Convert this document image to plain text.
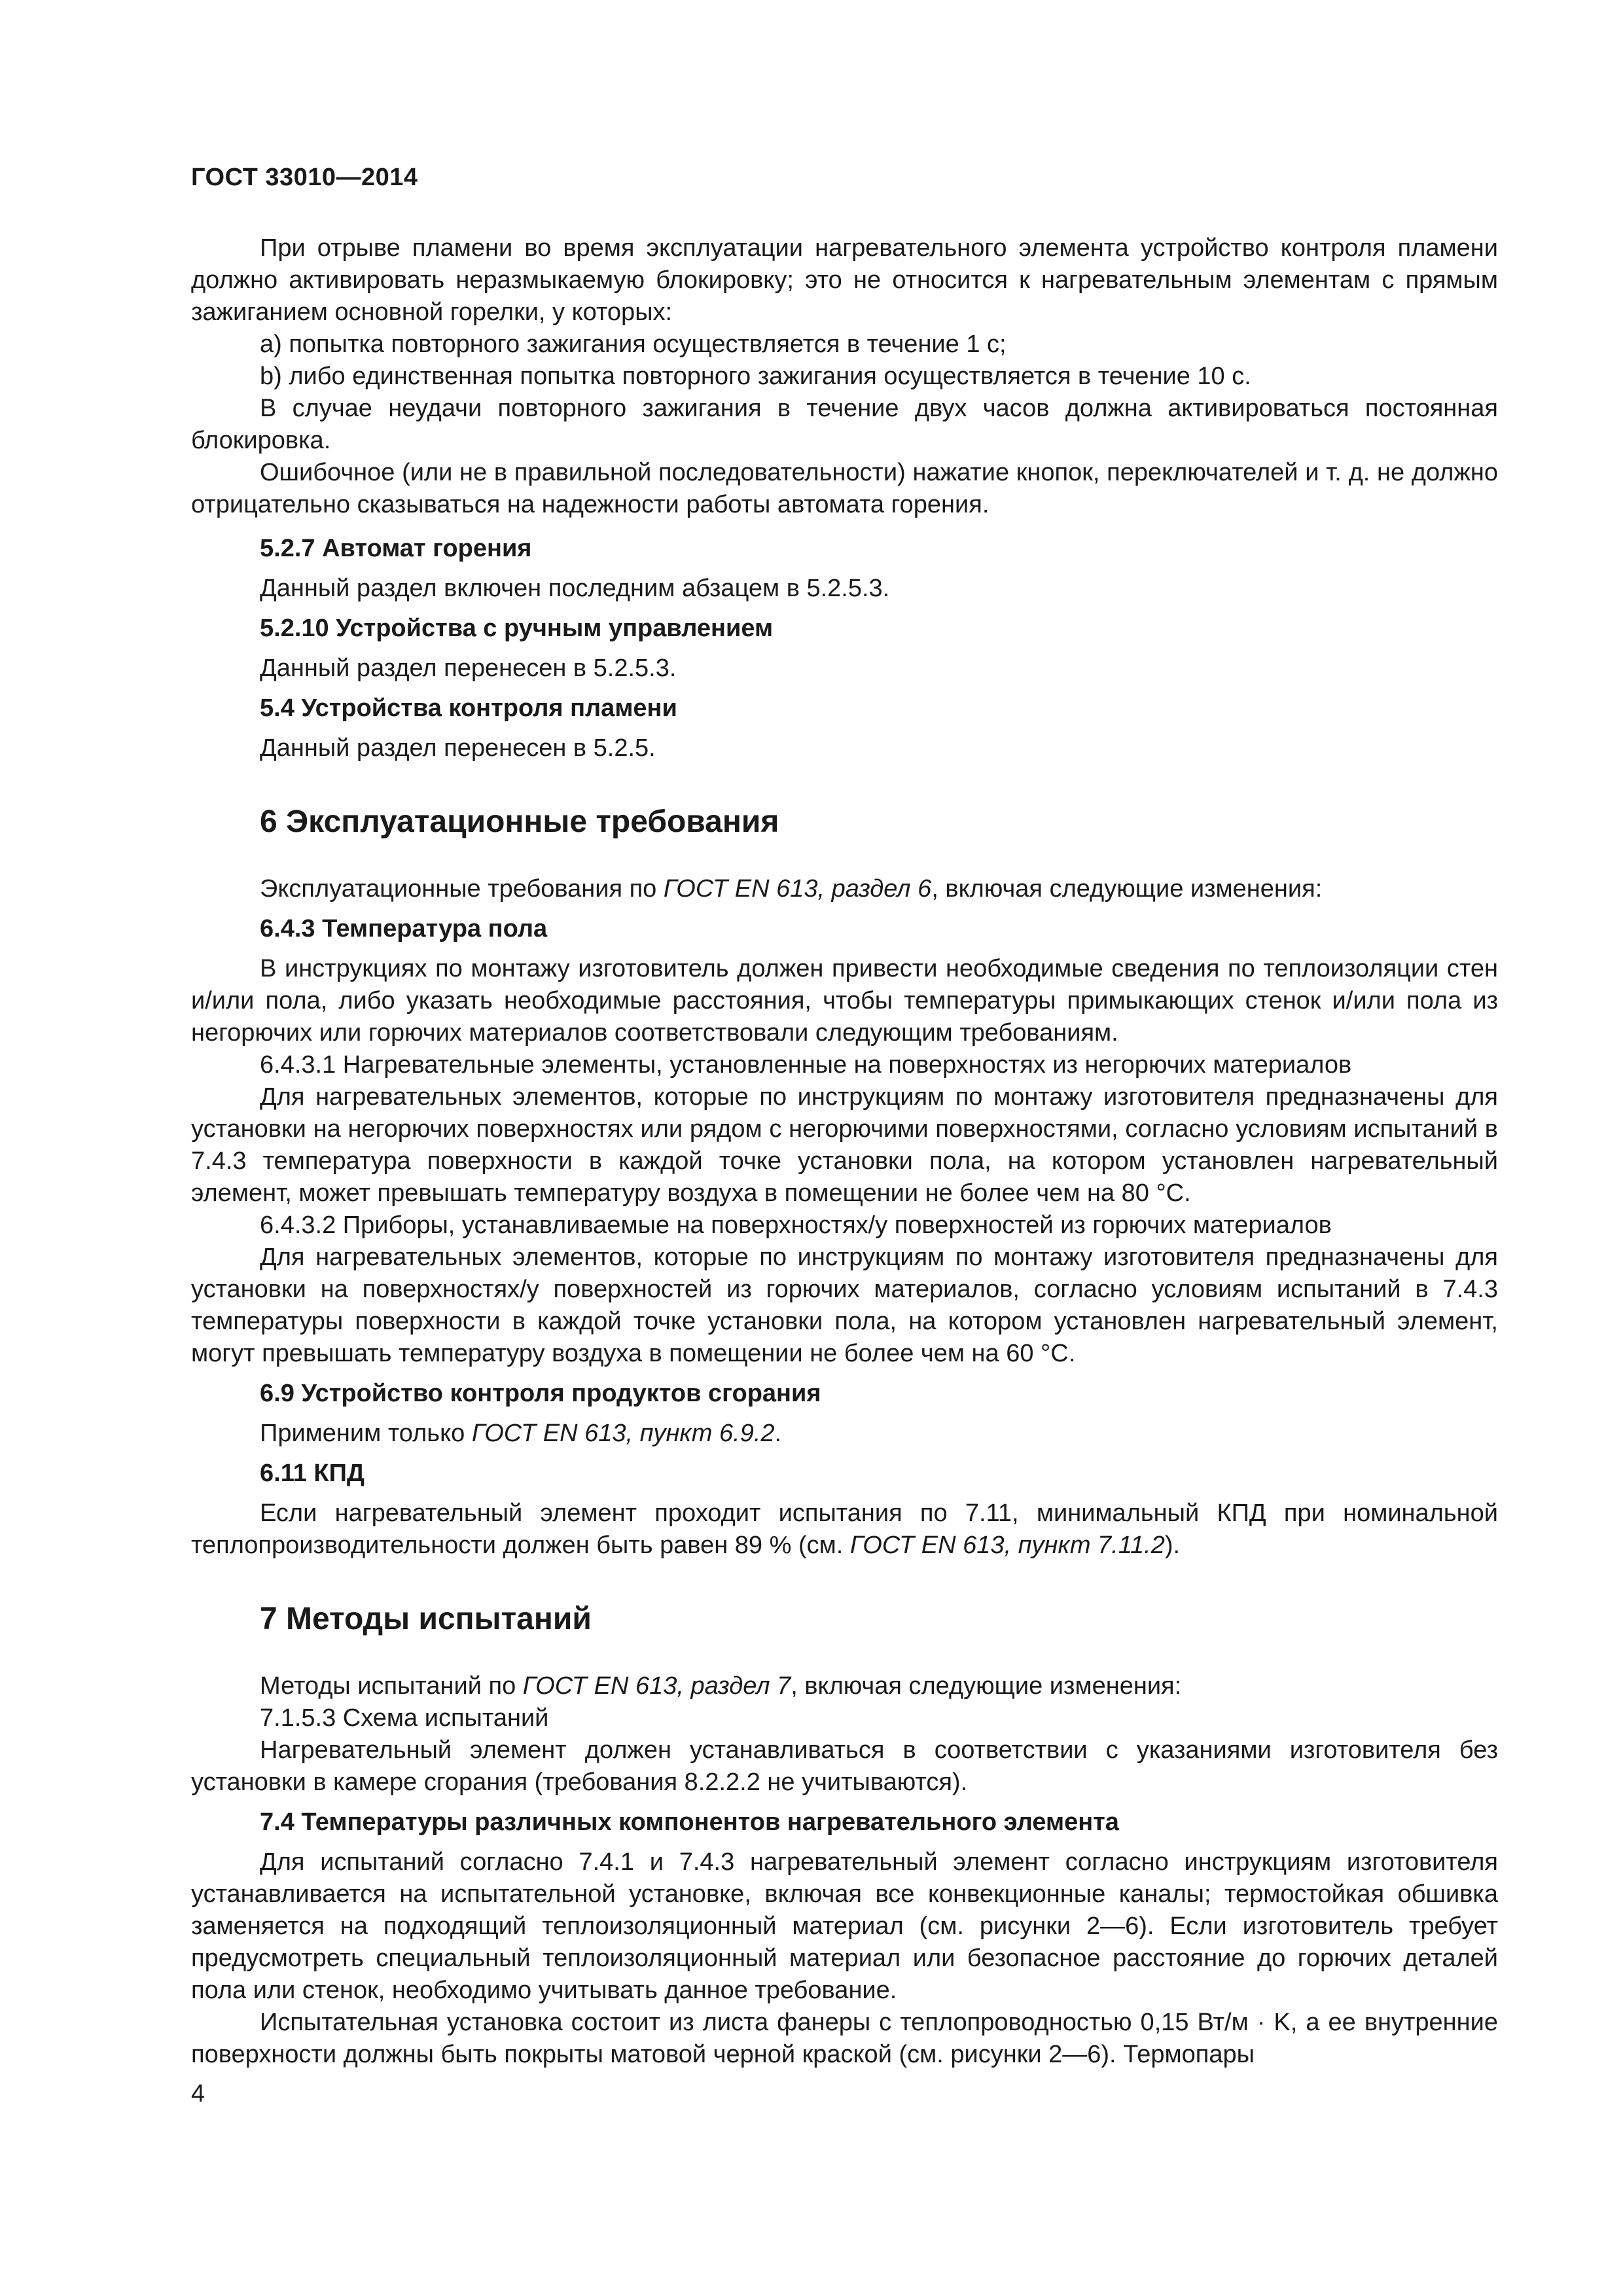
ГОСТ 33010—2014

При отрыве пламени во время эксплуатации нагревательного элемента устройство контроля пламени должно активировать неразмыкаемую блокировку; это не относится к нагревательным элементам с прямым зажиганием основной горелки, у которых:

a) попытка повторного зажигания осуществляется в течение 1 с;

b) либо единственная попытка повторного зажигания осуществляется в течение 10 с.

В случае неудачи повторного зажигания в течение двух часов должна активироваться постоянная блокировка.

Ошибочное (или не в правильной последовательности) нажатие кнопок, переключателей и т. д. не должно отрицательно сказываться на надежности работы автомата горения.

5.2.7 Автомат горения

Данный раздел включен последним абзацем в 5.2.5.3.

5.2.10 Устройства с ручным управлением

Данный раздел перенесен в 5.2.5.3.

5.4 Устройства контроля пламени

Данный раздел перенесен в 5.2.5.

6 Эксплуатационные требования

Эксплуатационные требования по ГОСТ EN 613, раздел 6, включая следующие изменения:

6.4.3 Температура пола

В инструкциях по монтажу изготовитель должен привести необходимые сведения по теплоизоляции стен и/или пола, либо указать необходимые расстояния, чтобы температуры примыкающих стенок и/или пола из негорючих или горючих материалов соответствовали следующим требованиям.

6.4.3.1 Нагревательные элементы, установленные на поверхностях из негорючих материалов

Для нагревательных элементов, которые по инструкциям по монтажу изготовителя предназначены для установки на негорючих поверхностях или рядом с негорючими поверхностями, согласно условиям испытаний в 7.4.3 температура поверхности в каждой точке установки пола, на котором установлен нагревательный элемент, может превышать температуру воздуха в помещении не более чем на 80 °C.

6.4.3.2 Приборы, устанавливаемые на поверхностях/у поверхностей из горючих материалов

Для нагревательных элементов, которые по инструкциям по монтажу изготовителя предназначены для установки на поверхностях/у поверхностей из горючих материалов, согласно условиям испытаний в 7.4.3 температуры поверхности в каждой точке установки пола, на котором установлен нагревательный элемент, могут превышать температуру воздуха в помещении не более чем на 60 °C.

6.9 Устройство контроля продуктов сгорания

Применим только ГОСТ EN 613, пункт 6.9.2.

6.11 КПД

Если нагревательный элемент проходит испытания по 7.11, минимальный КПД при номинальной теплопроизводительности должен быть равен 89 % (см. ГОСТ EN 613, пункт 7.11.2).

7 Методы испытаний

Методы испытаний по ГОСТ EN 613, раздел 7, включая следующие изменения:

7.1.5.3 Схема испытаний

Нагревательный элемент должен устанавливаться в соответствии с указаниями изготовителя без установки в камере сгорания (требования 8.2.2.2 не учитываются).

7.4 Температуры различных компонентов нагревательного элемента

Для испытаний согласно 7.4.1 и 7.4.3 нагревательный элемент согласно инструкциям изготовителя устанавливается на испытательной установке, включая все конвекционные каналы; термостойкая обшивка заменяется на подходящий теплоизоляционный материал (см. рисунки 2—6). Если изготовитель требует предусмотреть специальный теплоизоляционный материал или безопасное расстояние до горючих деталей пола или стенок, необходимо учитывать данное требование.

Испытательная установка состоит из листа фанеры с теплопроводностью 0,15 Вт/м · K, а ее внутренние поверхности должны быть покрыты матовой черной краской (см. рисунки 2—6). Термопары

4
